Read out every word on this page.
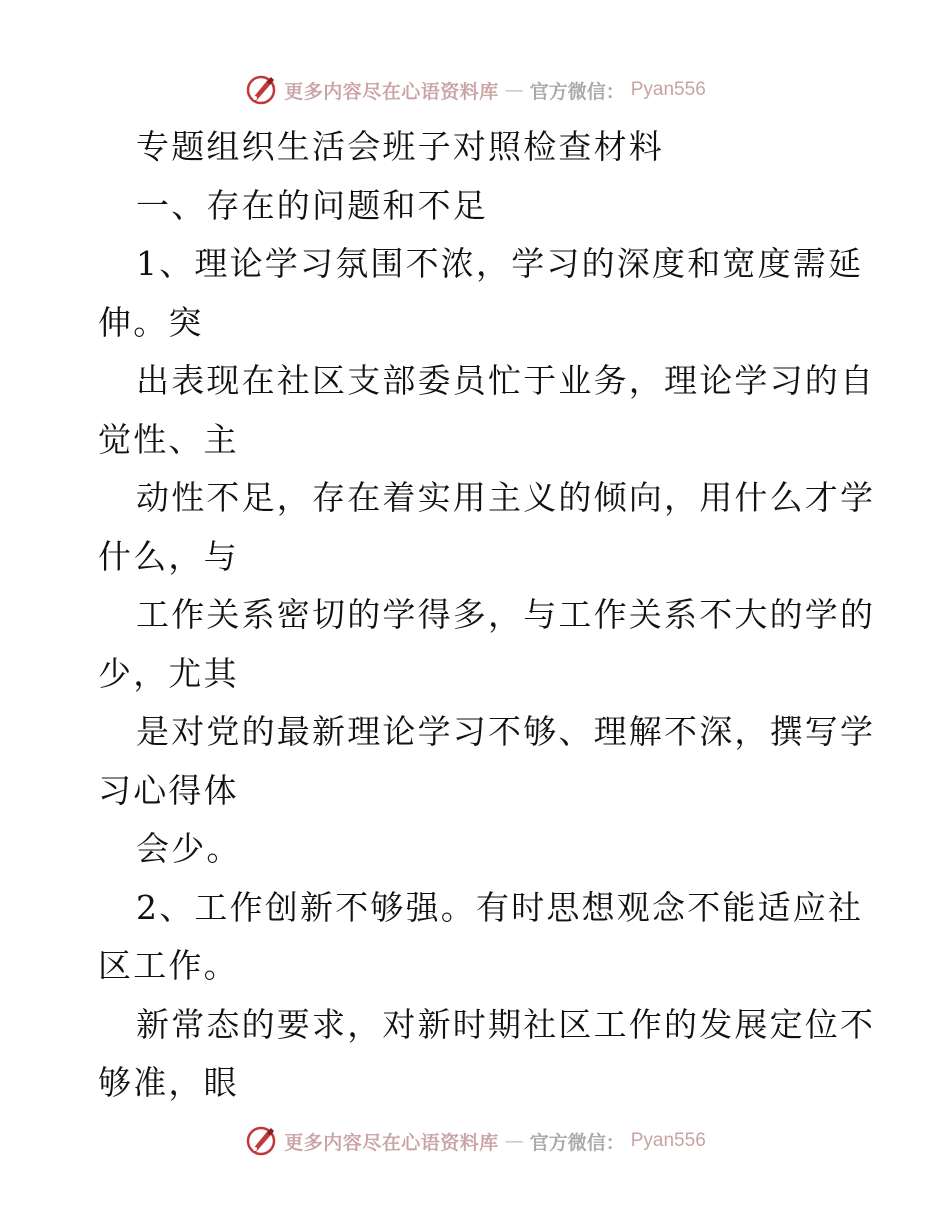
更多内容尽在心语资料库 — 官方微信： Pyan556
专题组织生活会班子对照检查材料
一、存在的问题和不足
1、理论学习氛围不浓，学习的深度和宽度需延
伸。突
出表现在社区支部委员忙于业务，理论学习的自
觉性、主
动性不足，存在着实用主义的倾向，用什么才学
什么，与
工作关系密切的学得多，与工作关系不大的学的
少，尤其
是对党的最新理论学习不够、理解不深，撰写学
习心得体
会少。
2、工作创新不够强。有时思想观念不能适应社
区工作。
新常态的要求，对新时期社区工作的发展定位不
够准，眼
更多内容尽在心语资料库 — 官方微信： Pyan556
